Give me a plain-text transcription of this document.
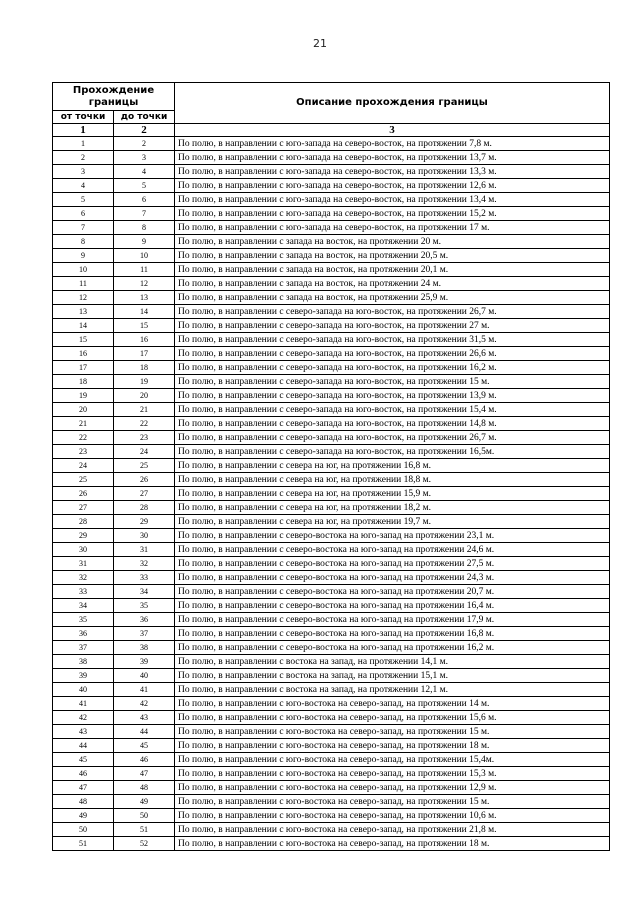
21
Прохождение границы		Описание прохождения границы
от точки	до точки	
1	2	3
1	2	По полю, в направлении с юго-запада на северо-восток, на протяжении 7,8 м.
2	3	По полю, в направлении с юго-запада на северо-восток, на протяжении 13,7 м.
3	4	По полю, в направлении с юго-запада на северо-восток, на протяжении 13,3 м.
4	5	По полю, в направлении с юго-запада на северо-восток, на протяжении 12,6 м.
5	6	По полю, в направлении с юго-запада на северо-восток, на протяжении 13,4 м.
6	7	По полю, в направлении с юго-запада на северо-восток, на протяжении 15,2 м.
7	8	По полю, в направлении с юго-запада на северо-восток, на протяжении 17 м.
8	9	По полю, в направлении с запада на восток, на протяжении 20 м.
9	10	По полю, в направлении с запада на восток, на протяжении 20,5 м.
10	11	По полю, в направлении с запада на восток, на протяжении 20,1 м.
11	12	По полю, в направлении с запада на восток, на протяжении 24 м.
12	13	По полю, в направлении с запада на восток, на протяжении 25,9 м.
13	14	По полю, в направлении с северо-запада на юго-восток, на протяжении 26,7 м.
14	15	По полю, в направлении с северо-запада на юго-восток, на протяжении 27 м.
15	16	По полю, в направлении с северо-запада на юго-восток, на протяжении 31,5 м.
16	17	По полю, в направлении с северо-запада на юго-восток, на протяжении 26,6 м.
17	18	По полю, в направлении с северо-запада на юго-восток, на протяжении 16,2 м.
18	19	По полю, в направлении с северо-запада на юго-восток, на протяжении 15 м.
19	20	По полю, в направлении с северо-запада на юго-восток, на протяжении 13,9 м.
20	21	По полю, в направлении с северо-запада на юго-восток, на протяжении 15,4 м.
21	22	По полю, в направлении с северо-запада на юго-восток, на протяжении 14,8 м.
22	23	По полю, в направлении с северо-запада на юго-восток, на протяжении 26,7 м.
23	24	По полю, в направлении с северо-запада на юго-восток, на протяжении 16,5м.
24	25	По полю, в направлении с севера на юг, на протяжении 16,8 м.
25	26	По полю, в направлении с севера на юг, на протяжении 18,8 м.
26	27	По полю, в направлении с севера на юг, на протяжении 15,9 м.
27	28	По полю, в направлении с севера на юг, на протяжении 18,2 м.
28	29	По полю, в направлении с севера на юг, на протяжении 19,7 м.
29	30	По полю, в направлении с северо-востока на юго-запад на протяжении 23,1 м.
30	31	По полю, в направлении с северо-востока на юго-запад на протяжении 24,6 м.
31	32	По полю, в направлении с северо-востока на юго-запад на протяжении 27,5 м.
32	33	По полю, в направлении с северо-востока на юго-запад на протяжении 24,3 м.
33	34	По полю, в направлении с северо-востока на юго-запад на протяжении 20,7 м.
34	35	По полю, в направлении с северо-востока на юго-запад на протяжении 16,4 м.
35	36	По полю, в направлении с северо-востока на юго-запад на протяжении 17,9 м.
36	37	По полю, в направлении с северо-востока на юго-запад на протяжении 16,8 м.
37	38	По полю, в направлении с северо-востока на юго-запад на протяжении 16,2 м.
38	39	По полю, в направлении с востока на запад, на протяжении 14,1 м.
39	40	По полю, в направлении с востока на запад, на протяжении 15,1 м.
40	41	По полю, в направлении с востока на запад, на протяжении 12,1 м.
41	42	По полю, в направлении с юго-востока на северо-запад, на протяжении 14 м.
42	43	По полю, в направлении с юго-востока на северо-запад, на протяжении 15,6 м.
43	44	По полю, в направлении с юго-востока на северо-запад, на протяжении 15 м.
44	45	По полю, в направлении с юго-востока на северо-запад, на протяжении 18 м.
45	46	По полю, в направлении с юго-востока на северо-запад, на протяжении 15,4м.
46	47	По полю, в направлении с юго-востока на северо-запад, на протяжении 15,3 м.
47	48	По полю, в направлении с юго-востока на северо-запад, на протяжении 12,9 м.
48	49	По полю, в направлении с юго-востока на северо-запад, на протяжении 15 м.
49	50	По полю, в направлении с юго-востока на северо-запад, на протяжении 10,6 м.
50	51	По полю, в направлении с юго-востока на северо-запад, на протяжении 21,8 м.
51	52	По полю, в направлении с юго-востока на северо-запад, на протяжении 18 м.
